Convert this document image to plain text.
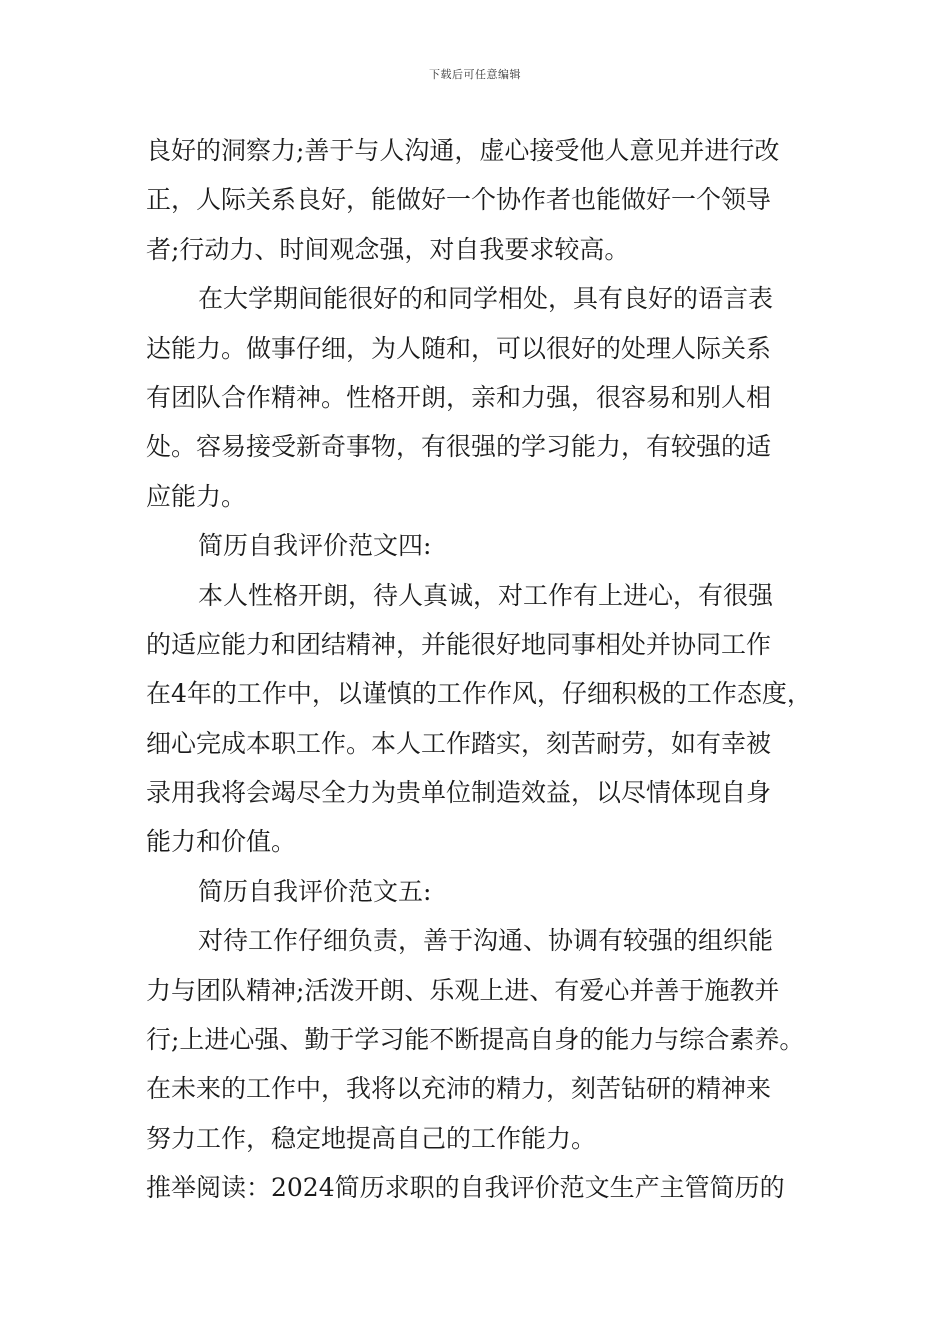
下载后可任意编辑
良好的洞察力;善于与人沟通，虚心接受他人意见并进行改
正，人际关系良好，能做好一个协作者也能做好一个领导
者;行动力、时间观念强，对自我要求较高。
在大学期间能很好的和同学相处，具有良好的语言表
达能力。做事仔细，为人随和，可以很好的处理人际关系
有团队合作精神。性格开朗，亲和力强，很容易和别人相
处。容易接受新奇事物，有很强的学习能力，有较强的适
应能力。
简历自我评价范文四:
本人性格开朗，待人真诚，对工作有上进心，有很强
的适应能力和团结精神，并能很好地同事相处并协同工作
在4年的工作中，以谨慎的工作作风，仔细积极的工作态度，
细心完成本职工作。本人工作踏实，刻苦耐劳，如有幸被
录用我将会竭尽全力为贵单位制造效益，以尽情体现自身
能力和价值。
简历自我评价范文五:
对待工作仔细负责，善于沟通、协调有较强的组织能
力与团队精神;活泼开朗、乐观上进、有爱心并善于施教并
行;上进心强、勤于学习能不断提高自身的能力与综合素养。
在未来的工作中，我将以充沛的精力，刻苦钻研的精神来
努力工作，稳定地提高自己的工作能力。
推举阅读：2024简历求职的自我评价范文生产主管简历的
